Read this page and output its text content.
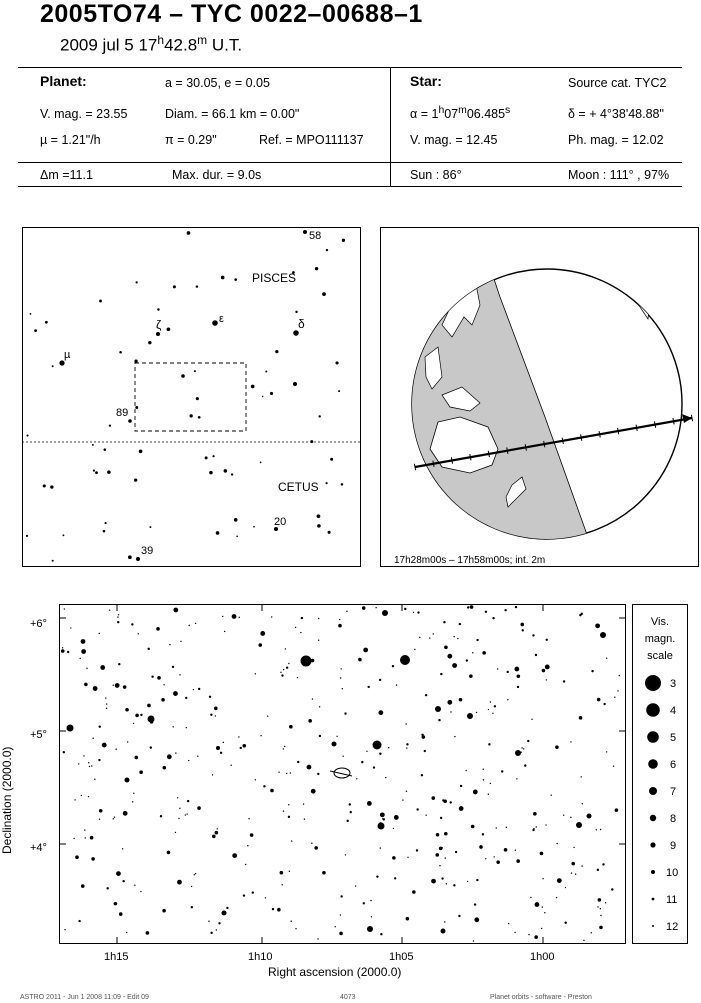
2005TO74 – TYC 0022–00688–1
2009 jul 5 17$^h$42.8$^m$ U.T.
Planet:	a = 30.05, e = 0.05
V. mag. = 23.55	Diam. = 66.1 km = 0.00"
µ = 1.21"/h	π = 0.29"	Ref. = MPO111137
Star:	Source cat. TYC2
$\alpha = 1^h07^m06.485^s$	δ = + 4°38'48.88"
V. mag. = 12.45	Ph. mag. = 12.02
Δm =11.1	Max. dur. = 9.0s	Sun : 86°	Moon : 111° , 97%
PISCES
CETUS
58
ζ	ε	δ
µ
89
20
39
17h28m00s – 17h58m00s; int. 2m
Right ascension (2000.0)
Declination (2000.0)
1h15	1h10	1h05	1h00
+6°
+5°
+4°
Vis.
magn.
scale
3
4
5
6
7
8
9
10
11
12
ASTRO 2011 - Jun 1 2008 11:09 - Edit 09	4073	Planet orbits - software - Preston
